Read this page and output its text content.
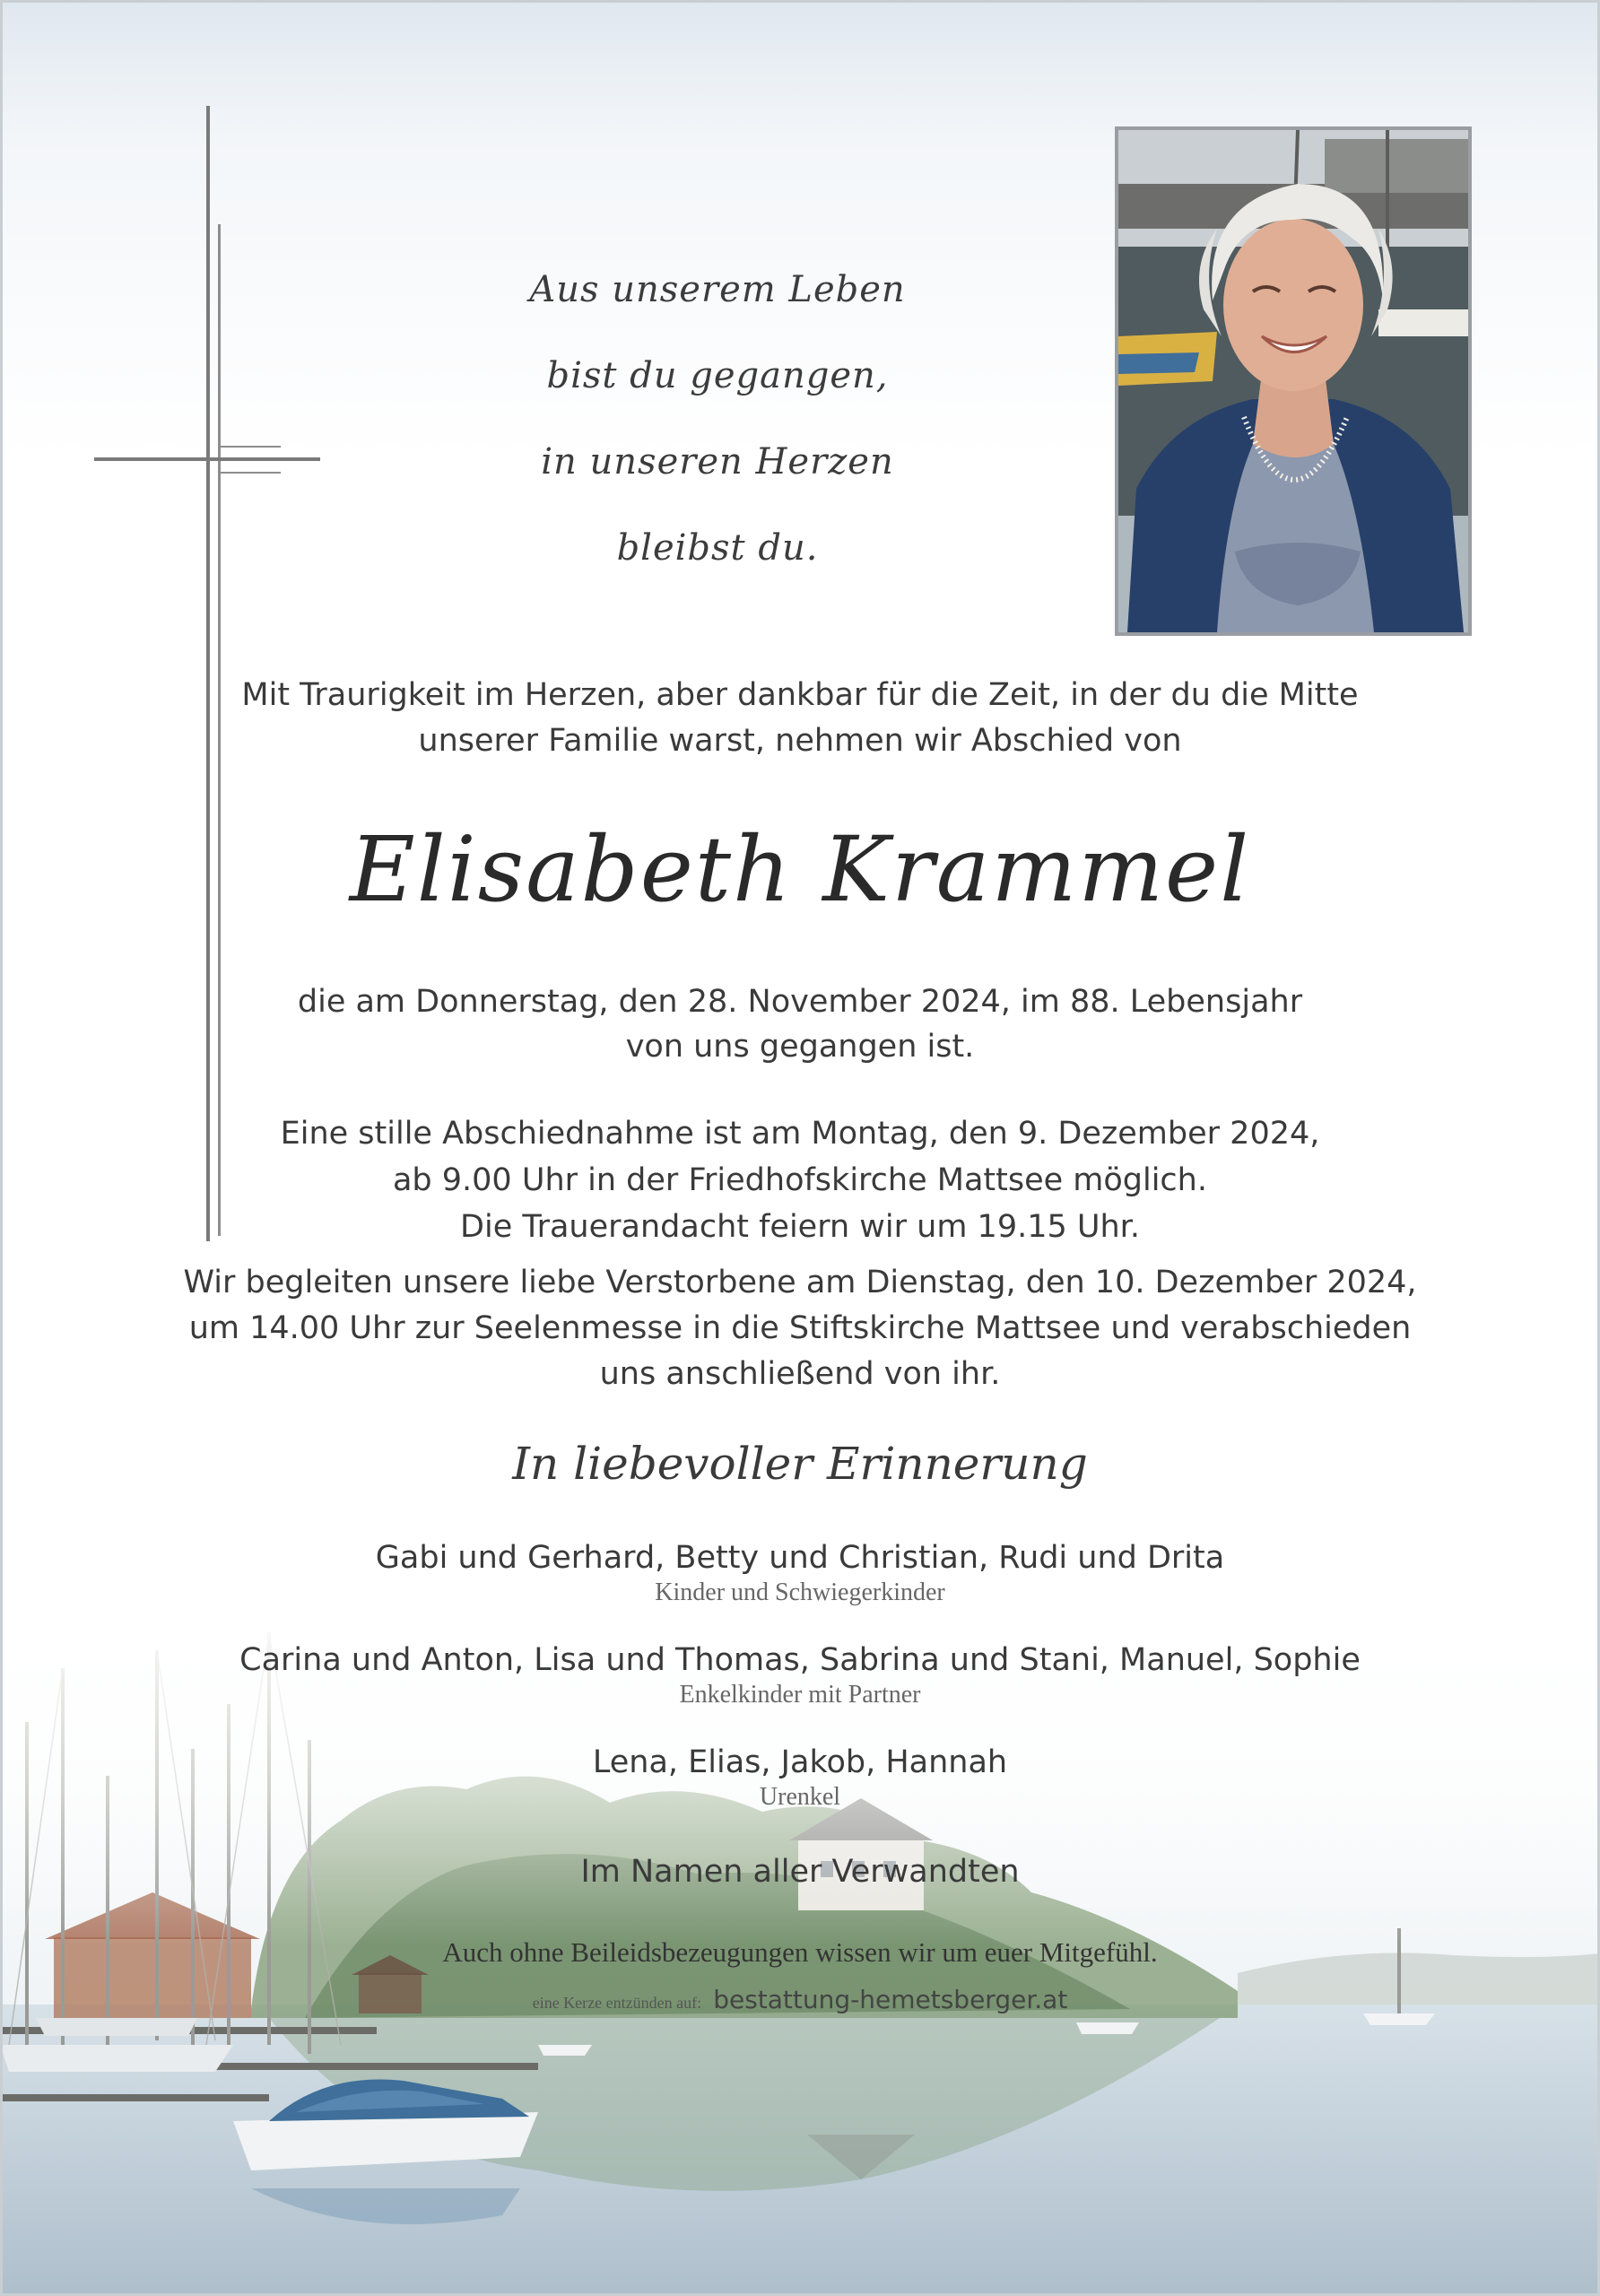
Aus unserem Leben
bist du gegangen,
in unseren Herzen
bleibst du.
Mit Traurigkeit im Herzen, aber dankbar für die Zeit, in der du die Mitte
unserer Familie warst, nehmen wir Abschied von
Elisabeth Krammel
die am Donnerstag, den 28. November 2024, im 88. Lebensjahr
von uns gegangen ist.
Eine stille Abschiednahme ist am Montag, den 9. Dezember 2024,
ab 9.00 Uhr in der Friedhofskirche Mattsee möglich.
Die Trauerandacht feiern wir um 19.15 Uhr.
Wir begleiten unsere liebe Verstorbene am Dienstag, den 10. Dezember 2024,
um 14.00 Uhr zur Seelenmesse in die Stiftskirche Mattsee und verabschieden
uns anschließend von ihr.
In liebevoller Erinnerung
Gabi und Gerhard, Betty und Christian, Rudi und Drita
Kinder und Schwiegerkinder
Carina und Anton, Lisa und Thomas, Sabrina und Stani, Manuel, Sophie
Enkelkinder mit Partner
Lena, Elias, Jakob, Hannah
Urenkel
Im Namen aller Verwandten
Auch ohne Beileidsbezeugungen wissen wir um euer Mitgefühl.
eine Kerze entzünden auf: bestattung-hemetsberger.at
